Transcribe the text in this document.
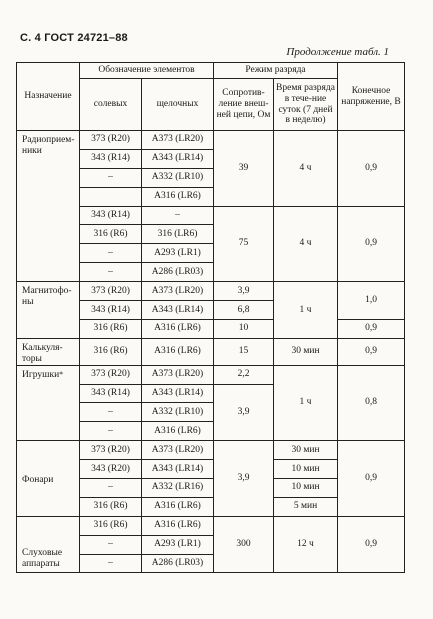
С. 4 ГОСТ 24721–88
Продолжение табл. 1
Назначение	Обозначение элементов		Режим разряда		Конечное напряжение, В
	солевых	щелочных	Сопротив-ление внеш-ней цепи, Ом	Время разряда в тече-ние суток (7 дней в неделю)	
Радиоприем-ники	373 (R20)	A373 (LR20)	39	4 ч	0,9
	343 (R14)	A343 (LR14)			
	–	A332 (LR10)			
		A316 (LR6)			
	343 (R14)	–	75	4 ч	0,9
	316 (R6)	316 (LR6)			
	–	A293 (LR1)			
	–	A286 (LR03)			
Магнитофо-ны	373 (R20)	A373 (LR20)	3,9	1 ч	1,0
	343 (R14)	A343 (LR14)	6,8		
	316 (R6)	A316 (LR6)	10		0,9
Калькуля-торы	316 (R6)	A316 (LR6)	15	30 мин	0,9
Игрушки*	373 (R20)	A373 (LR20)	2,2	1 ч	0,8
	343 (R14)	A343 (LR14)	3,9		
	–	A332 (LR10)			
	–	A316 (LR6)			
Фонари	373 (R20)	A373 (LR20)	3,9	30 мин	0,9
	343 (R20)	A343 (LR14)		10 мин	
	–	A332 (LR16)		10 мин	
	316 (R6)	A316 (LR6)		5 мин	
Слуховые аппараты	316 (R6)	A316 (LR6)	300	12 ч	0,9
	–	A293 (LR1)			
	–	A286 (LR03)			
